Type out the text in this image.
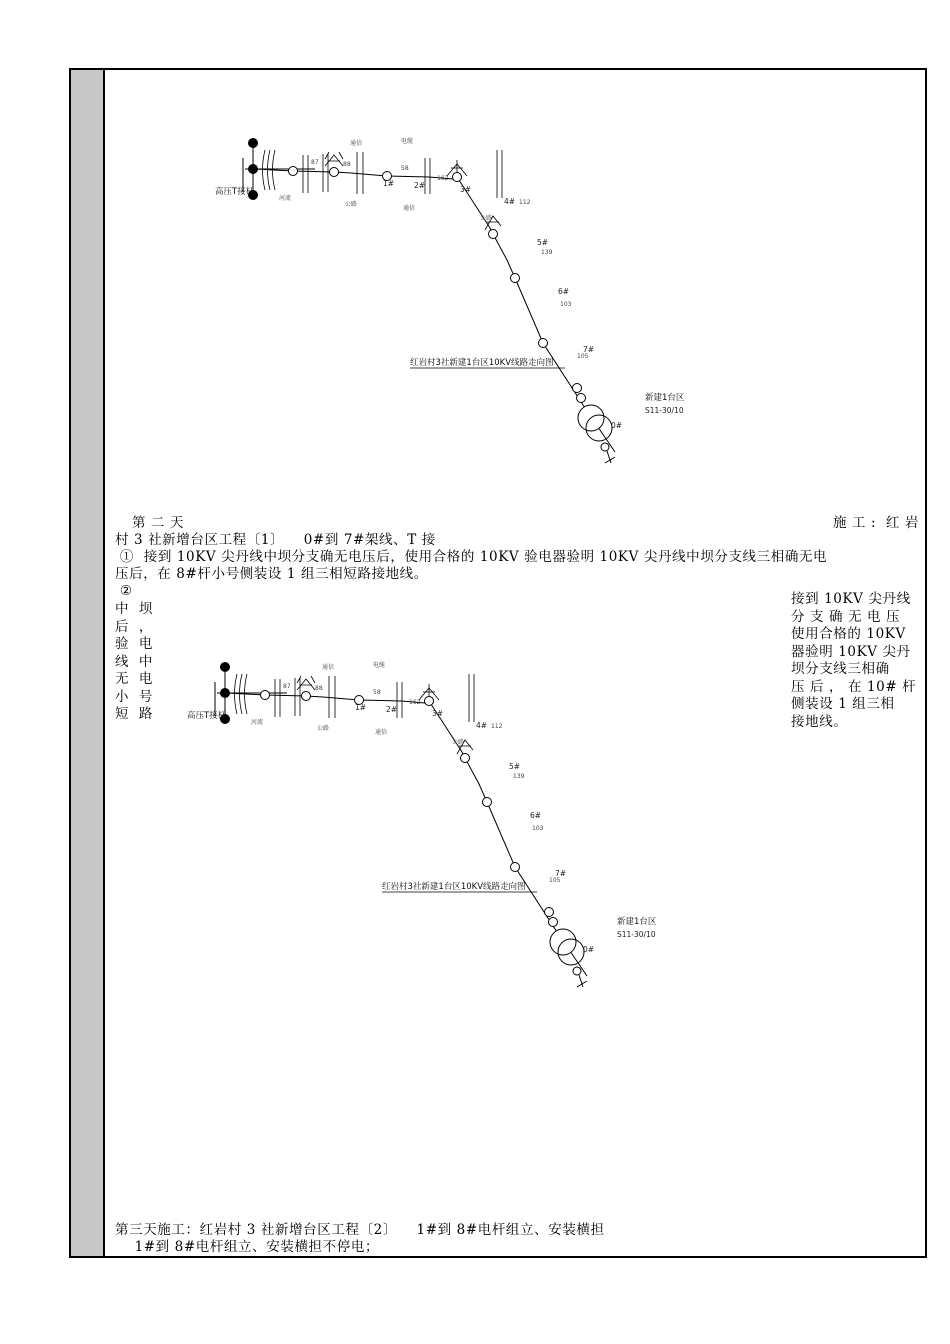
高压T接杆
河流
87	88
58
162
112
139
103
105
通信	电缆
公路
通信
公路
1#	2#	3#
4#
5#
6#
7#
0#
新建1台区
S11-30/10
红岩村3社新建1台区10KV线路走向图
第 二 天	施 工 :  红 岩
村 3 社新增台区工程〔1〕    0#到 7#架线、T 接
①  接到 10KV 尖丹线中坝分支确无电压后，使用合格的 10KV 验电器验明 10KV 尖丹线中坝分支线三相确无电
压后，在 8#杆小号侧装设 1 组三相短路接地线。
②
中  坝
后  ，
验  电
线  中
无  电
小  号
短  路
接到 10KV 尖丹线
分 支 确 无 电 压
使用合格的 10KV
器验明 10KV 尖丹
坝分支线三相确
压 后 ， 在 10# 杆
侧装设 1 组三相
接地线。
高压T接杆
河流
87	88
58
162
112
139
103
105
通信	电缆
公路
通信
公路
1#	2#	3#
4#
5#
6#
7#
0#
新建1台区
S11-30/10
红岩村3社新建1台区10KV线路走向图
第三天施工：红岩村 3 社新增台区工程〔2〕    1#到 8#电杆组立、安装横担
1#到 8#电杆组立、安装横担不停电；
